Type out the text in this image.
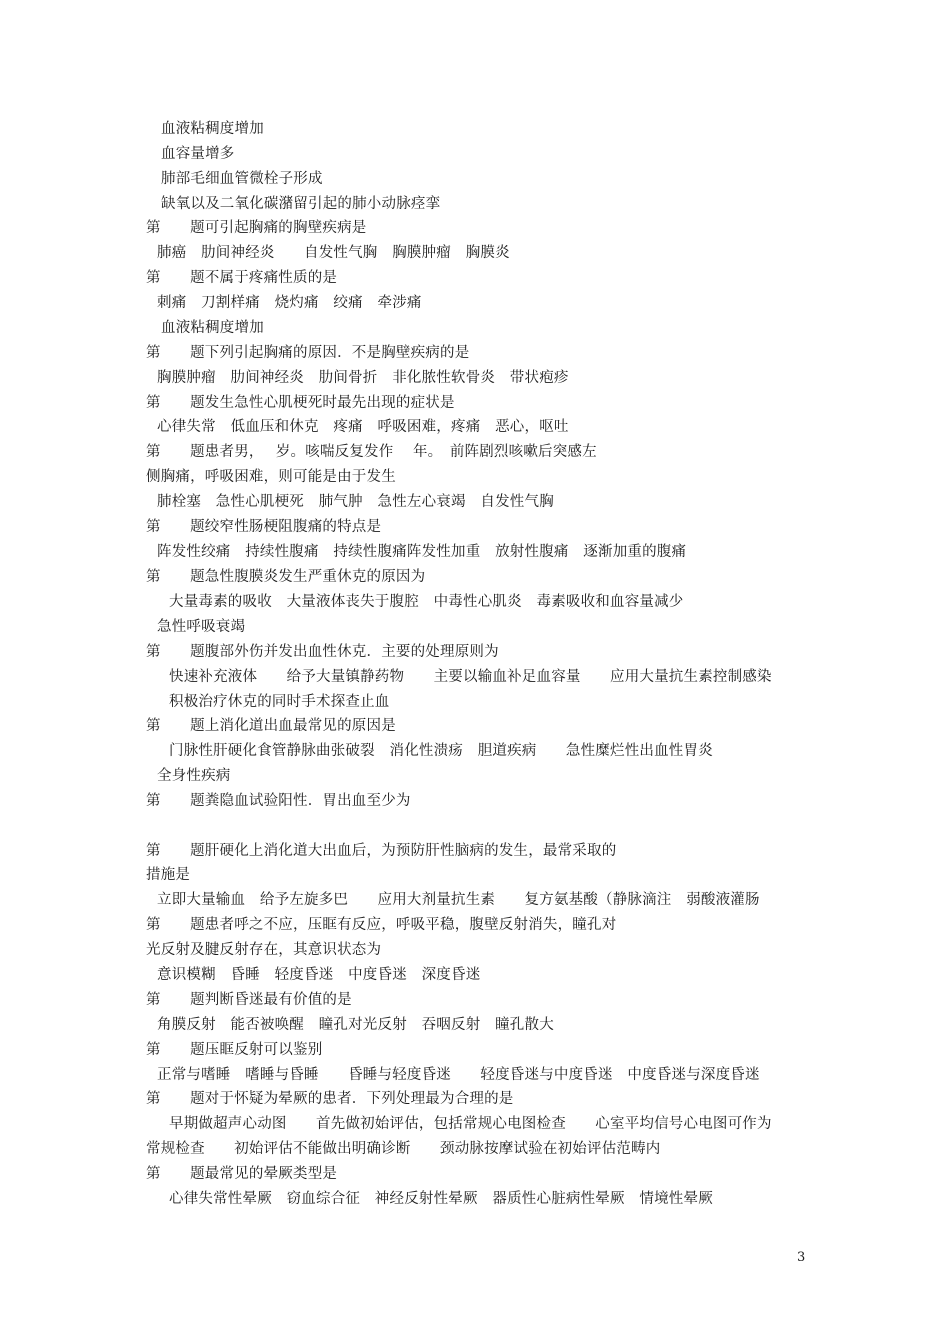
血液粘稠度增加
血容量增多
肺部毛细血管微栓子形成
缺氧以及二氧化碳潴留引起的肺小动脉痉挛
第　　题可引起胸痛的胸壁疾病是
肺癌　肋间神经炎　　自发性气胸　胸膜肿瘤　胸膜炎
第　　题不属于疼痛性质的是
刺痛　刀割样痛　烧灼痛　绞痛　牵涉痛
血液粘稠度增加
第　　题下列引起胸痛的原因．不是胸壁疾病的是
胸膜肿瘤　肋间神经炎　肋间骨折　非化脓性软骨炎　带状疱疹
第　　题发生急性心肌梗死时最先出现的症状是
心律失常　低血压和休克　疼痛　呼吸困难，疼痛　恶心，呕吐
第　　题患者男，　 岁。咳喘反复发作　 年。　前阵剧烈咳嗽后突感左
侧胸痛，呼吸困难，则可能是由于发生
肺栓塞　急性心肌梗死　肺气肿　急性左心衰竭　自发性气胸
第　　题绞窄性肠梗阻腹痛的特点是
阵发性绞痛　持续性腹痛　持续性腹痛阵发性加重　放射性腹痛　逐渐加重的腹痛
第　　题急性腹膜炎发生严重休克的原因为
大量毒素的吸收　大量液体丧失于腹腔　中毒性心肌炎　毒素吸收和血容量减少
急性呼吸衰竭
第　　题腹部外伤并发出血性休克．主要的处理原则为
快速补充液体　　给予大量镇静药物　　主要以输血补足血容量　　应用大量抗生素控制感染
积极治疗休克的同时手术探查止血
第　　题上消化道出血最常见的原因是
门脉性肝硬化食管静脉曲张破裂　消化性溃疡　胆道疾病　　急性糜烂性出血性胃炎
全身性疾病
第　　题粪隐血试验阳性．胃出血至少为
第　　题肝硬化上消化道大出血后，为预防肝性脑病的发生，最常采取的
措施是
立即大量输血　给予左旋多巴　　应用大剂量抗生素　　复方氨基酸（静脉滴注　弱酸液灌肠
第　　题患者呼之不应，压眶有反应，呼吸平稳，腹壁反射消失，瞳孔对
光反射及腱反射存在，其意识状态为
意识模糊　昏睡　轻度昏迷　中度昏迷　深度昏迷
第　　题判断昏迷最有价值的是
角膜反射　能否被唤醒　瞳孔对光反射　吞咽反射　瞳孔散大
第　　题压眶反射可以鉴别
正常与嗜睡　嗜睡与昏睡　　昏睡与轻度昏迷　　轻度昏迷与中度昏迷　中度昏迷与深度昏迷
第　　题对于怀疑为晕厥的患者．下列处理最为合理的是
早期做超声心动图　　首先做初始评估，包括常规心电图检查　　心室平均信号心电图可作为
常规检查　　初始评估不能做出明确诊断　　颈动脉按摩试验在初始评估范畴内
第　　题最常见的晕厥类型是
心律失常性晕厥　窃血综合征　神经反射性晕厥　器质性心脏病性晕厥　情境性晕厥
3
